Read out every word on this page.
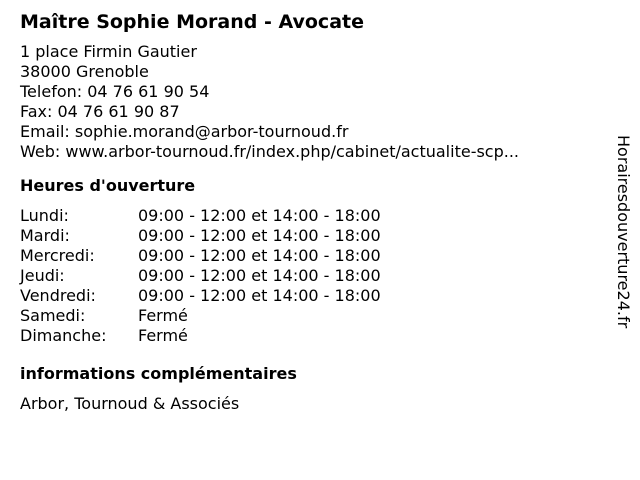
Maître Sophie Morand - Avocate
1 place Firmin Gautier
38000 Grenoble
Telefon: 04 76 61 90 54
Fax: 04 76 61 90 87
Email: sophie.morand@arbor-tournoud.fr
Web: www.arbor-tournoud.fr/index.php/cabinet/actualite-scp...
Heures d'ouverture
Lundi:	09:00 - 12:00 et 14:00 - 18:00
Mardi:	09:00 - 12:00 et 14:00 - 18:00
Mercredi:	09:00 - 12:00 et 14:00 - 18:00
Jeudi:	09:00 - 12:00 et 14:00 - 18:00
Vendredi:	09:00 - 12:00 et 14:00 - 18:00
Samedi:	Fermé
Dimanche:	Fermé
informations complémentaires
Arbor, Tournoud & Associés
Horairesdouverture24.fr
